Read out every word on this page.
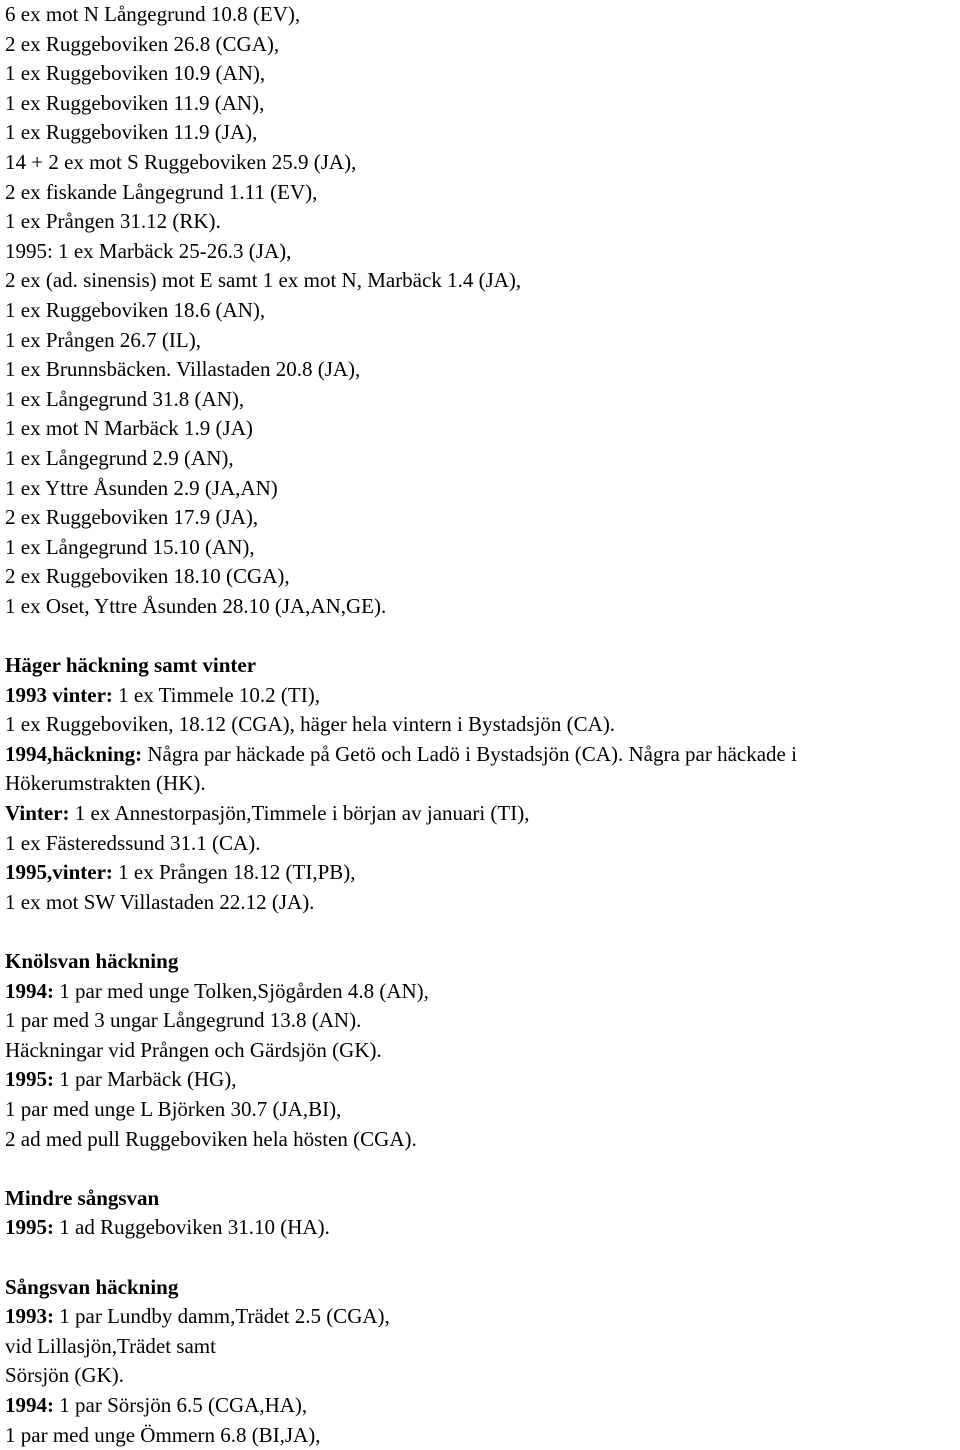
6 ex mot N Långegrund 10.8 (EV),
2 ex Ruggeboviken 26.8 (CGA),
1 ex Ruggeboviken 10.9 (AN),
1 ex Ruggeboviken 11.9 (AN),
1 ex Ruggeboviken 11.9 (JA),
14 + 2 ex mot S Ruggeboviken 25.9 (JA),
2 ex fiskande Långegrund 1.11 (EV),
1 ex Prången 31.12 (RK).
1995: 1 ex Marbäck 25-26.3 (JA),
2 ex (ad. sinensis) mot E samt 1 ex mot N, Marbäck 1.4 (JA),
1 ex Ruggeboviken 18.6 (AN),
1 ex Prången 26.7 (IL),
1 ex Brunnsbäcken. Villastaden 20.8 (JA),
1 ex Långegrund 31.8 (AN),
1 ex mot N Marbäck 1.9 (JA)
1 ex Långegrund 2.9 (AN),
1 ex Yttre Åsunden 2.9 (JA,AN)
2 ex Ruggeboviken 17.9 (JA),
1 ex Långegrund 15.10 (AN),
2 ex Ruggeboviken 18.10 (CGA),
1 ex Oset, Yttre Åsunden 28.10 (JA,AN,GE).
Häger häckning samt vinter
1993 vinter: 1 ex Timmele 10.2 (TI),
1 ex Ruggeboviken, 18.12 (CGA), häger hela vintern i Bystadsjön (CA).
1994,häckning: Några par häckade på Getö och Ladö i Bystadsjön (CA). Några par häckade i
Hökerumstrakten (HK).
Vinter: 1 ex Annestorpasjön,Timmele i början av januari (TI),
1 ex Fästeredssund 31.1 (CA).
1995,vinter: 1 ex Prången 18.12 (TI,PB),
1 ex mot SW Villastaden 22.12 (JA).
Knölsvan häckning
1994: 1 par med unge Tolken,Sjögården 4.8 (AN),
1 par med 3 ungar Långegrund 13.8 (AN).
Häckningar vid Prången och Gärdsjön (GK).
1995: 1 par Marbäck (HG),
1 par med unge L Björken 30.7 (JA,BI),
2 ad med pull Ruggeboviken hela hösten (CGA).
Mindre sångsvan
1995: 1 ad Ruggeboviken 31.10 (HA).
Sångsvan häckning
1993: 1 par Lundby damm,Trädet 2.5 (CGA),
vid Lillasjön,Trädet samt
Sörsjön (GK).
1994: 1 par Sörsjön 6.5 (CGA,HA),
1 par med unge Ömmern 6.8 (BI,JA),
